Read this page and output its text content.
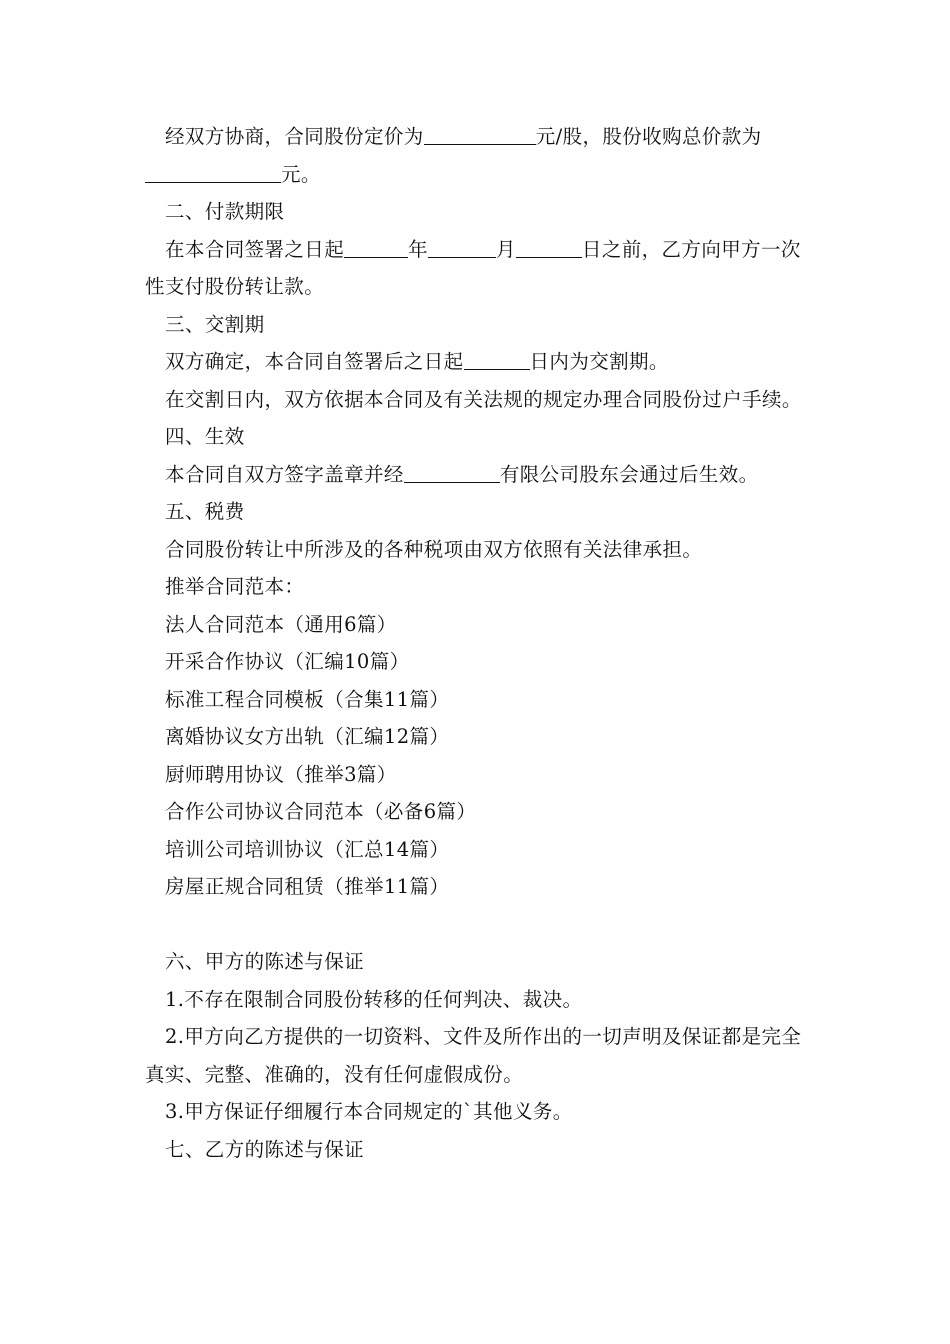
经双方协商，合同股份定价为	元/股，股份收购总价款为元。

二、付款期限

在本合同签署之日起	年	月	日之前，乙方向甲方一次性支付股份转让款。

三、交割期

双方确定，本合同自签署后之日起	日内为交割期。

在交割日内，双方依据本合同及有关法规的规定办理合同股份过户手续。

四、生效

本合同自双方签字盖章并经	有限公司股东会通过后生效。

五、税费

合同股份转让中所涉及的各种税项由双方依照有关法律承担。

推举合同范本：

法人合同范本（通用6篇）

开采合作协议（汇编10篇）

标准工程合同模板（合集11篇）

离婚协议女方出轨（汇编12篇）

厨师聘用协议（推举3篇）

合作公司协议合同范本（必备6篇）

培训公司培训协议（汇总14篇）

房屋正规合同租赁（推举11篇）

六、甲方的陈述与保证

1.不存在限制合同股份转移的任何判决、裁决。

2.甲方向乙方提供的一切资料、文件及所作出的一切声明及保证都是完全真实、完整、准确的，没有任何虚假成份。

3.甲方保证仔细履行本合同规定的`其他义务。

七、乙方的陈述与保证
